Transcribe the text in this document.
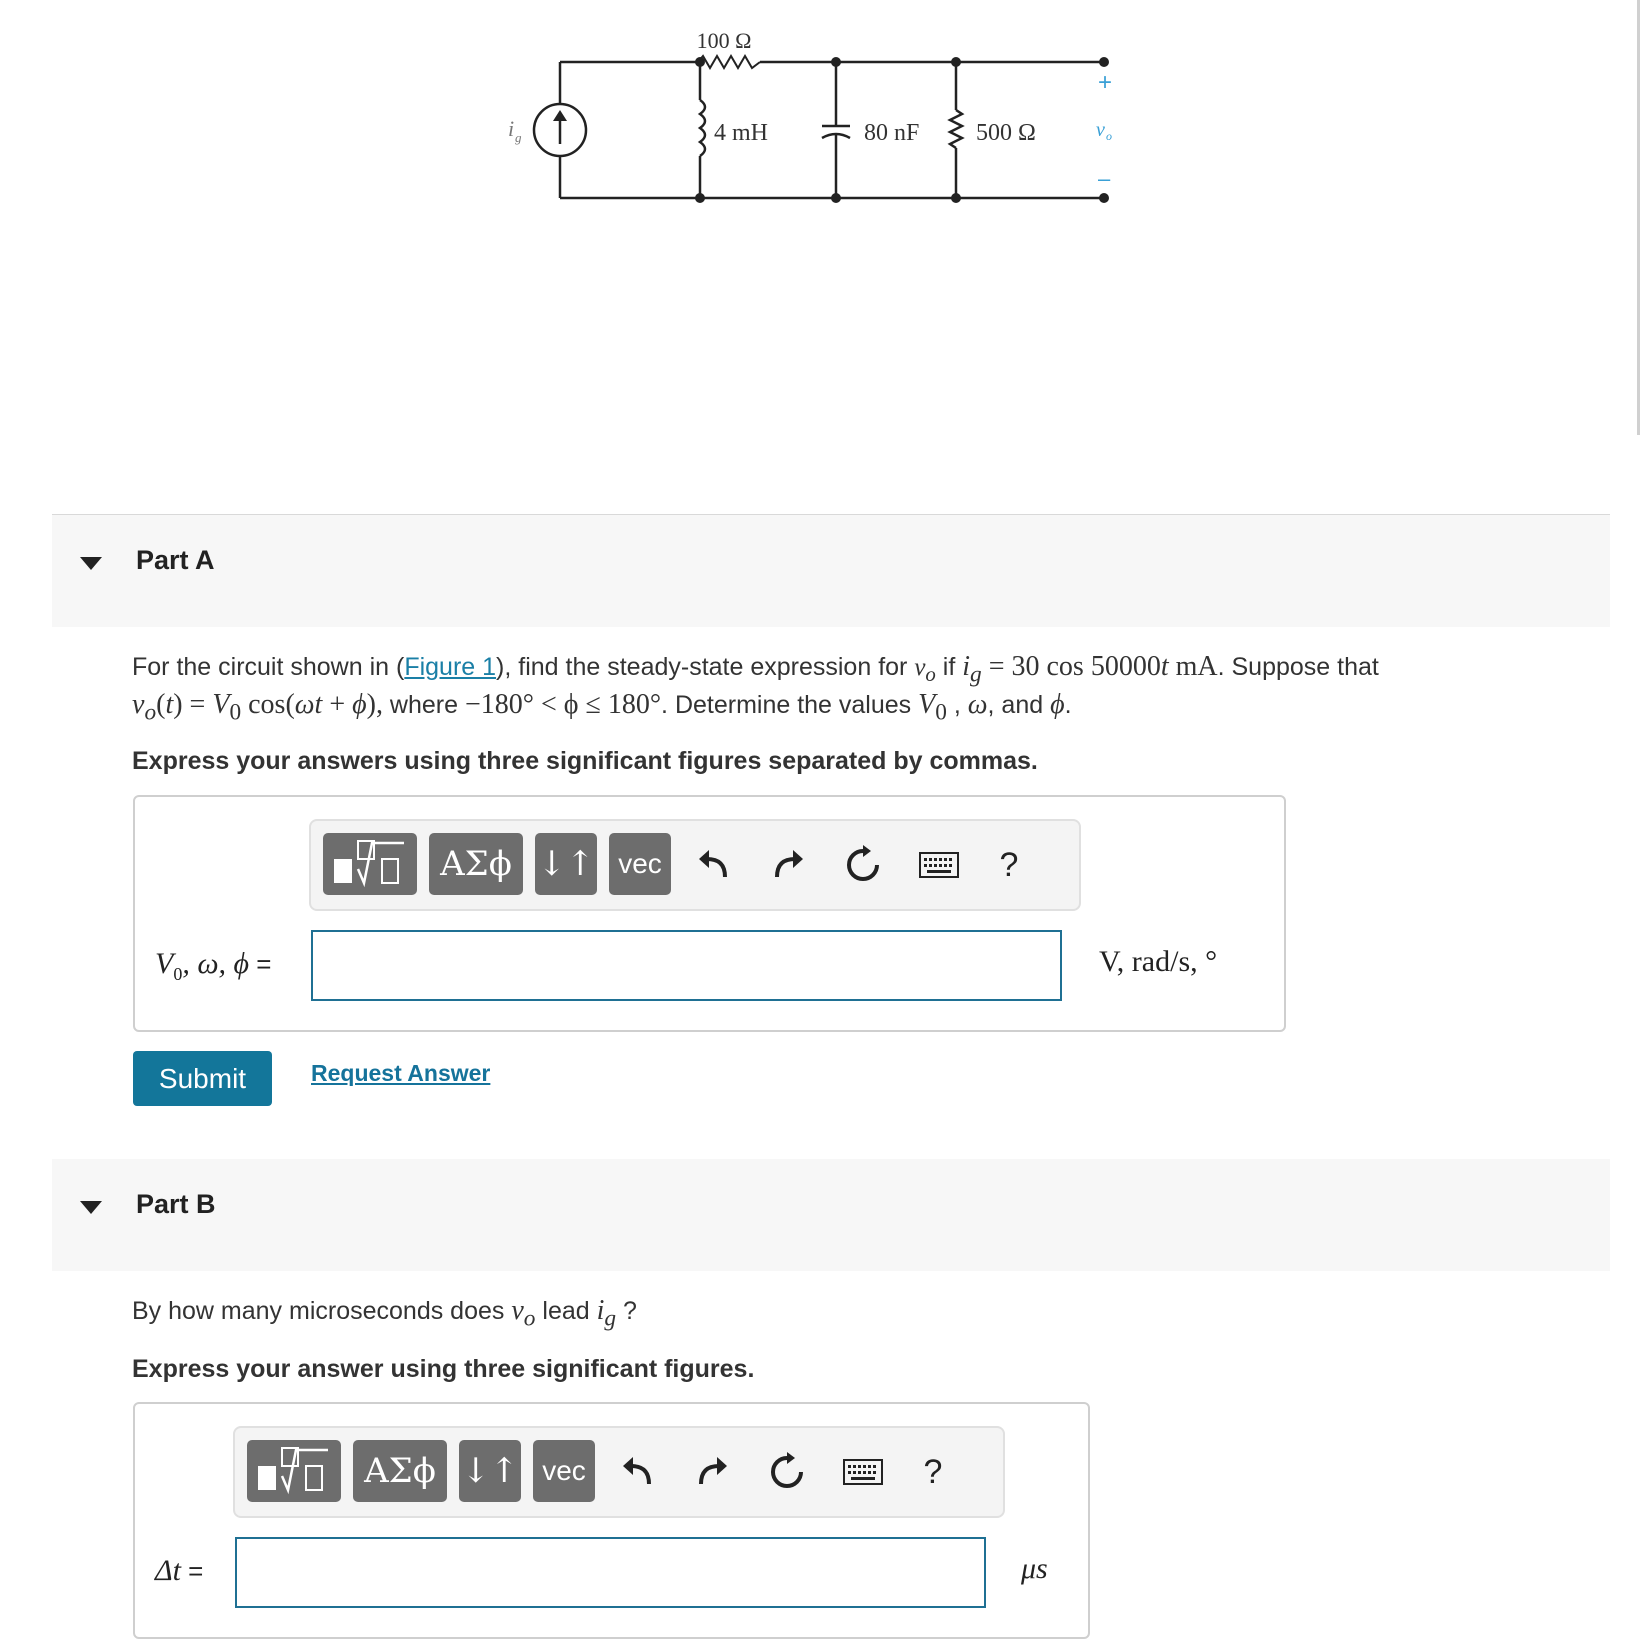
100 Ω
4 mH	80 nF 500 Ω
i g
+
–
v o
Part A
For the circuit shown in (Figure 1), find the steady-state expression for $v_o$ if $i_g = 30$ cos 50000t mA. Suppose that
$v_o(t) = V_0$ cos(ωt + ϕ), where −180° < ϕ ≤ 180°. Determine the values $V_0$ , ω, and ϕ.
Express your answers using three significant figures separated by commas.
ΑΣϕ ↓↑ vec	?
$V_0$, ω, ϕ =	V, rad/s, °
Submit	Request Answer
Part B
By how many microseconds does $v_o$ lead $i_g$ ?
Express your answer using three significant figures.
ΑΣϕ ↓↑ vec	?
Δt =	μs
